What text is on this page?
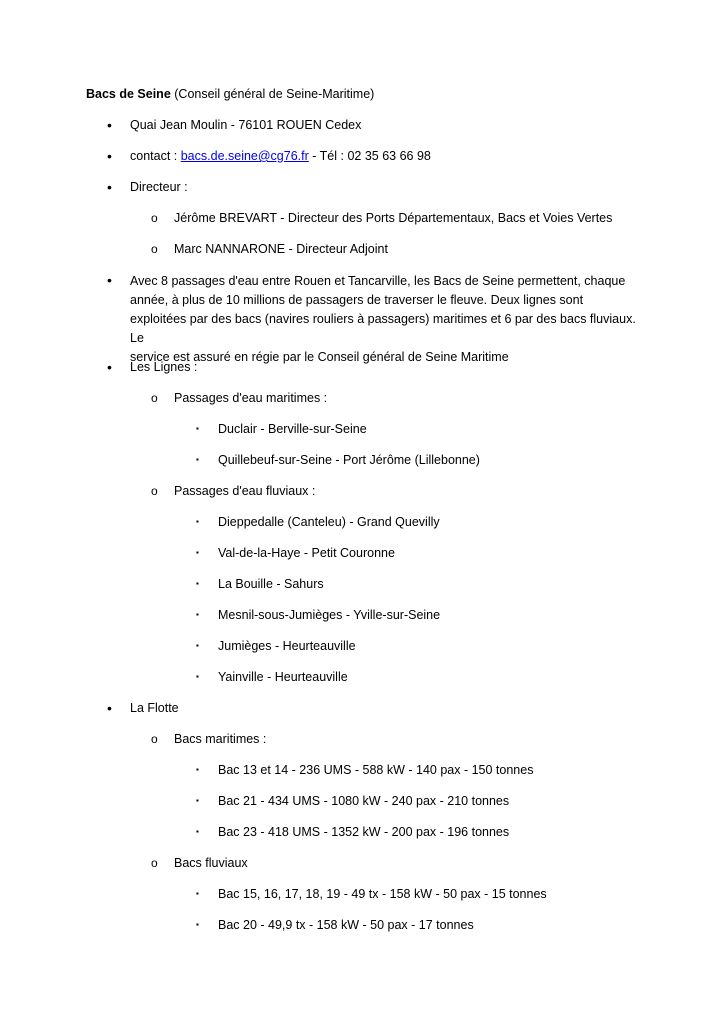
Bacs de Seine (Conseil général de Seine-Maritime)
• Quai Jean Moulin - 76101 ROUEN Cedex
• contact : bacs.de.seine@cg76.fr - Tél : 02 35 63 66 98
• Directeur :
o Jérôme BREVART - Directeur des Ports Départementaux, Bacs et Voies Vertes
o Marc NANNARONE - Directeur Adjoint
• Avec 8 passages d'eau entre Rouen et Tancarville, les Bacs de Seine permettent, chaque
année, à plus de 10 millions de passagers de traverser le fleuve. Deux lignes sont
exploitées par des bacs (navires rouliers à passagers) maritimes et 6 par des bacs fluviaux. Le
service est assuré en régie par le Conseil général de Seine Maritime
• Les Lignes :
o Passages d'eau maritimes :
▪ Duclair - Berville-sur-Seine
▪ Quillebeuf-sur-Seine - Port Jérôme (Lillebonne)
o Passages d'eau fluviaux :
▪ Dieppedalle (Canteleu) - Grand Quevilly
▪ Val-de-la-Haye - Petit Couronne
▪ La Bouille - Sahurs
▪ Mesnil-sous-Jumièges - Yville-sur-Seine
▪ Jumièges - Heurteauville
▪ Yainville - Heurteauville
• La Flotte
o Bacs maritimes :
▪ Bac 13 et 14 - 236 UMS - 588 kW - 140 pax - 150 tonnes
▪ Bac 21 - 434 UMS - 1080 kW - 240 pax - 210 tonnes
▪ Bac 23 - 418 UMS - 1352 kW - 200 pax - 196 tonnes
o Bacs fluviaux
▪ Bac 15, 16, 17, 18, 19 - 49 tx - 158 kW - 50 pax - 15 tonnes
▪ Bac 20 - 49,9 tx - 158 kW - 50 pax - 17 tonnes
